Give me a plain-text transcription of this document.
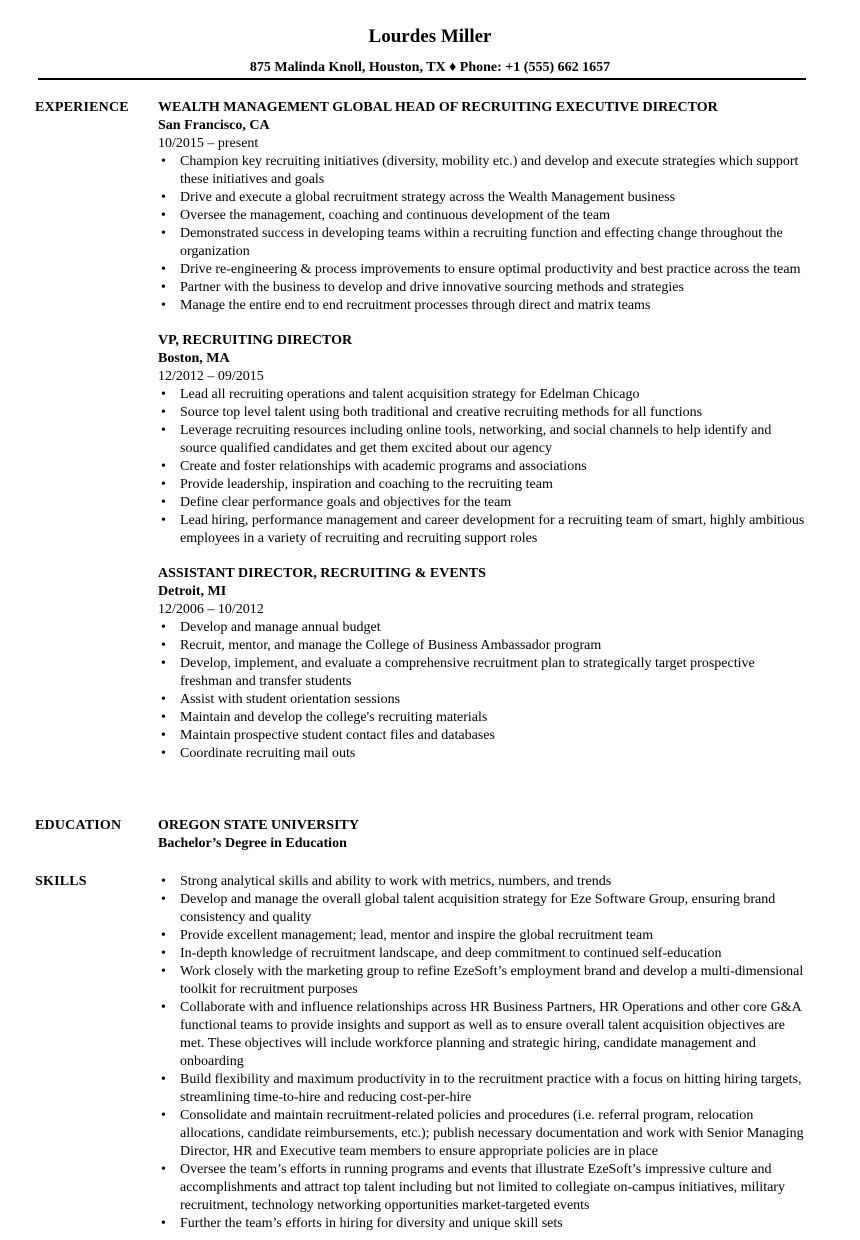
Lourdes Miller
875 Malinda Knoll, Houston, TX ♦ Phone: +1 (555) 662 1657
EXPERIENCE WEALTH MANAGEMENT GLOBAL HEAD OF RECRUITING EXECUTIVE DIRECTOR
San Francisco, CA
10/2015 – present
• Champion key recruiting initiatives (diversity, mobility etc.) and develop and execute strategies which support these initiatives and goals
• Drive and execute a global recruitment strategy across the Wealth Management business
• Oversee the management, coaching and continuous development of the team
• Demonstrated success in developing teams within a recruiting function and effecting change throughout the organization
• Drive re-engineering & process improvements to ensure optimal productivity and best practice across the team
• Partner with the business to develop and drive innovative sourcing methods and strategies
• Manage the entire end to end recruitment processes through direct and matrix teams
VP, RECRUITING DIRECTOR
Boston, MA
12/2012 – 09/2015
• Lead all recruiting operations and talent acquisition strategy for Edelman Chicago
• Source top level talent using both traditional and creative recruiting methods for all functions
• Leverage recruiting resources including online tools, networking, and social channels to help identify and source qualified candidates and get them excited about our agency
• Create and foster relationships with academic programs and associations
• Provide leadership, inspiration and coaching to the recruiting team
• Define clear performance goals and objectives for the team
• Lead hiring, performance management and career development for a recruiting team of smart, highly ambitious employees in a variety of recruiting and recruiting support roles
ASSISTANT DIRECTOR, RECRUITING & EVENTS
Detroit, MI
12/2006 – 10/2012
• Develop and manage annual budget
• Recruit, mentor, and manage the College of Business Ambassador program
• Develop, implement, and evaluate a comprehensive recruitment plan to strategically target prospective freshman and transfer students
• Assist with student orientation sessions
• Maintain and develop the college's recruiting materials
• Maintain prospective student contact files and databases
• Coordinate recruiting mail outs
EDUCATION	OREGON STATE UNIVERSITY
Bachelor’s Degree in Education
SKILLS
•	Strong analytical skills and ability to work with metrics, numbers, and trends
• Develop and manage the overall global talent acquisition strategy for Eze Software Group, ensuring brand consistency and quality
• Provide excellent management; lead, mentor and inspire the global recruitment team
• In-depth knowledge of recruitment landscape, and deep commitment to continued self-education
• Work closely with the marketing group to refine EzeSoft’s employment brand and develop a multi-dimensional toolkit for recruitment purposes
• Collaborate with and influence relationships across HR Business Partners, HR Operations and other core G&A functional teams to provide insights and support as well as to ensure overall talent acquisition objectives are met. These objectives will include workforce planning and strategic hiring, candidate management and onboarding
• Build flexibility and maximum productivity in to the recruitment practice with a focus on hitting hiring targets, streamlining time-to-hire and reducing cost-per-hire
• Consolidate and maintain recruitment-related policies and procedures (i.e. referral program, relocation allocations, candidate reimbursements, etc.); publish necessary documentation and work with Senior Managing Director, HR and Executive team members to ensure appropriate policies are in place
• Oversee the team’s efforts in running programs and events that illustrate EzeSoft’s impressive culture and accomplishments and attract top talent including but not limited to collegiate on-campus initiatives, military recruitment, technology networking opportunities market-targeted events
• Further the team’s efforts in hiring for diversity and unique skill sets
